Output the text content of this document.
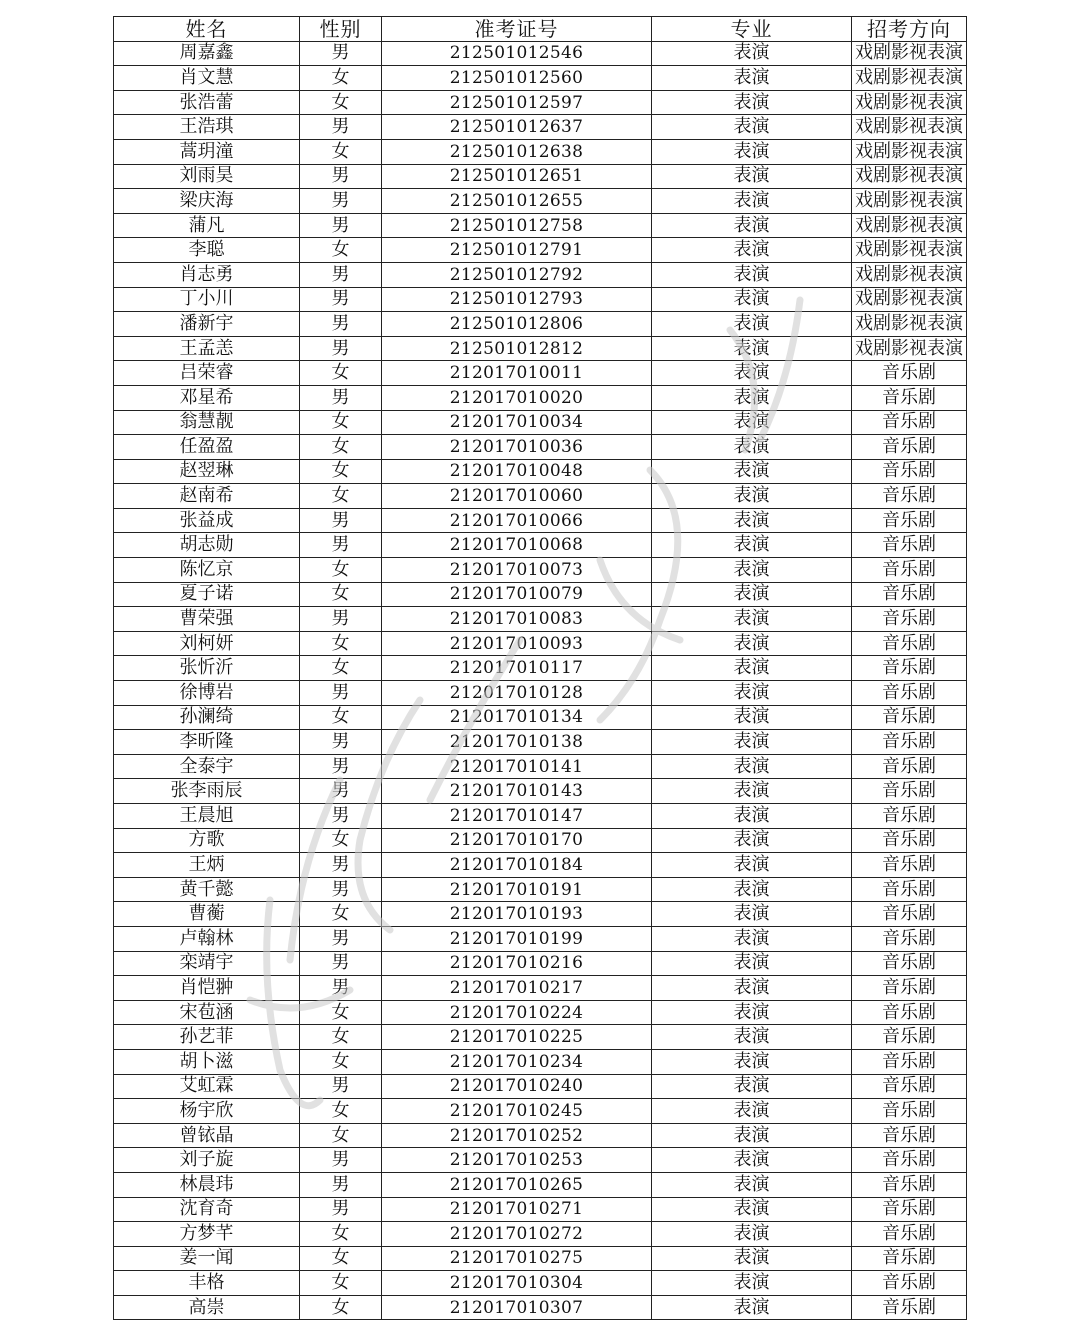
姓名	性别	准考证号	专业	招考方向
周嘉鑫	男	212501012546	表演	戏剧影视表演
肖文慧	女	212501012560	表演	戏剧影视表演
张浩蕾	女	212501012597	表演	戏剧影视表演
王浩琪	男	212501012637	表演	戏剧影视表演
蒿玥潼	女	212501012638	表演	戏剧影视表演
刘雨昊	男	212501012651	表演	戏剧影视表演
梁庆海	男	212501012655	表演	戏剧影视表演
蒲凡	男	212501012758	表演	戏剧影视表演
李聪	女	212501012791	表演	戏剧影视表演
肖志勇	男	212501012792	表演	戏剧影视表演
丁小川	男	212501012793	表演	戏剧影视表演
潘新宇	男	212501012806	表演	戏剧影视表演
王孟恙	男	212501012812	表演	戏剧影视表演
吕荣睿	女	212017010011	表演	音乐剧
邓星希	男	212017010020	表演	音乐剧
翁慧靓	女	212017010034	表演	音乐剧
任盈盈	女	212017010036	表演	音乐剧
赵翌琳	女	212017010048	表演	音乐剧
赵南希	女	212017010060	表演	音乐剧
张益成	男	212017010066	表演	音乐剧
胡志勋	男	212017010068	表演	音乐剧
陈忆京	女	212017010073	表演	音乐剧
夏子诺	女	212017010079	表演	音乐剧
曹荣强	男	212017010083	表演	音乐剧
刘柯妍	女	212017010093	表演	音乐剧
张忻沂	女	212017010117	表演	音乐剧
徐博岩	男	212017010128	表演	音乐剧
孙澜绮	女	212017010134	表演	音乐剧
李昕隆	男	212017010138	表演	音乐剧
全泰宇	男	212017010141	表演	音乐剧
张李雨辰	男	212017010143	表演	音乐剧
王晨旭	男	212017010147	表演	音乐剧
方歌	女	212017010170	表演	音乐剧
王炳	男	212017010184	表演	音乐剧
黄千懿	男	212017010191	表演	音乐剧
曹蘅	女	212017010193	表演	音乐剧
卢翰林	男	212017010199	表演	音乐剧
栾靖宇	男	212017010216	表演	音乐剧
肖恺翀	男	212017010217	表演	音乐剧
宋苞涵	女	212017010224	表演	音乐剧
孙艺菲	女	212017010225	表演	音乐剧
胡卜滋	女	212017010234	表演	音乐剧
艾虹霖	男	212017010240	表演	音乐剧
杨宇欣	女	212017010245	表演	音乐剧
曾铱晶	女	212017010252	表演	音乐剧
刘子旋	男	212017010253	表演	音乐剧
林晨玮	男	212017010265	表演	音乐剧
沈育奇	男	212017010271	表演	音乐剧
方梦芊	女	212017010272	表演	音乐剧
姜一闻	女	212017010275	表演	音乐剧
丰格	女	212017010304	表演	音乐剧
高崇	女	212017010307	表演	音乐剧
